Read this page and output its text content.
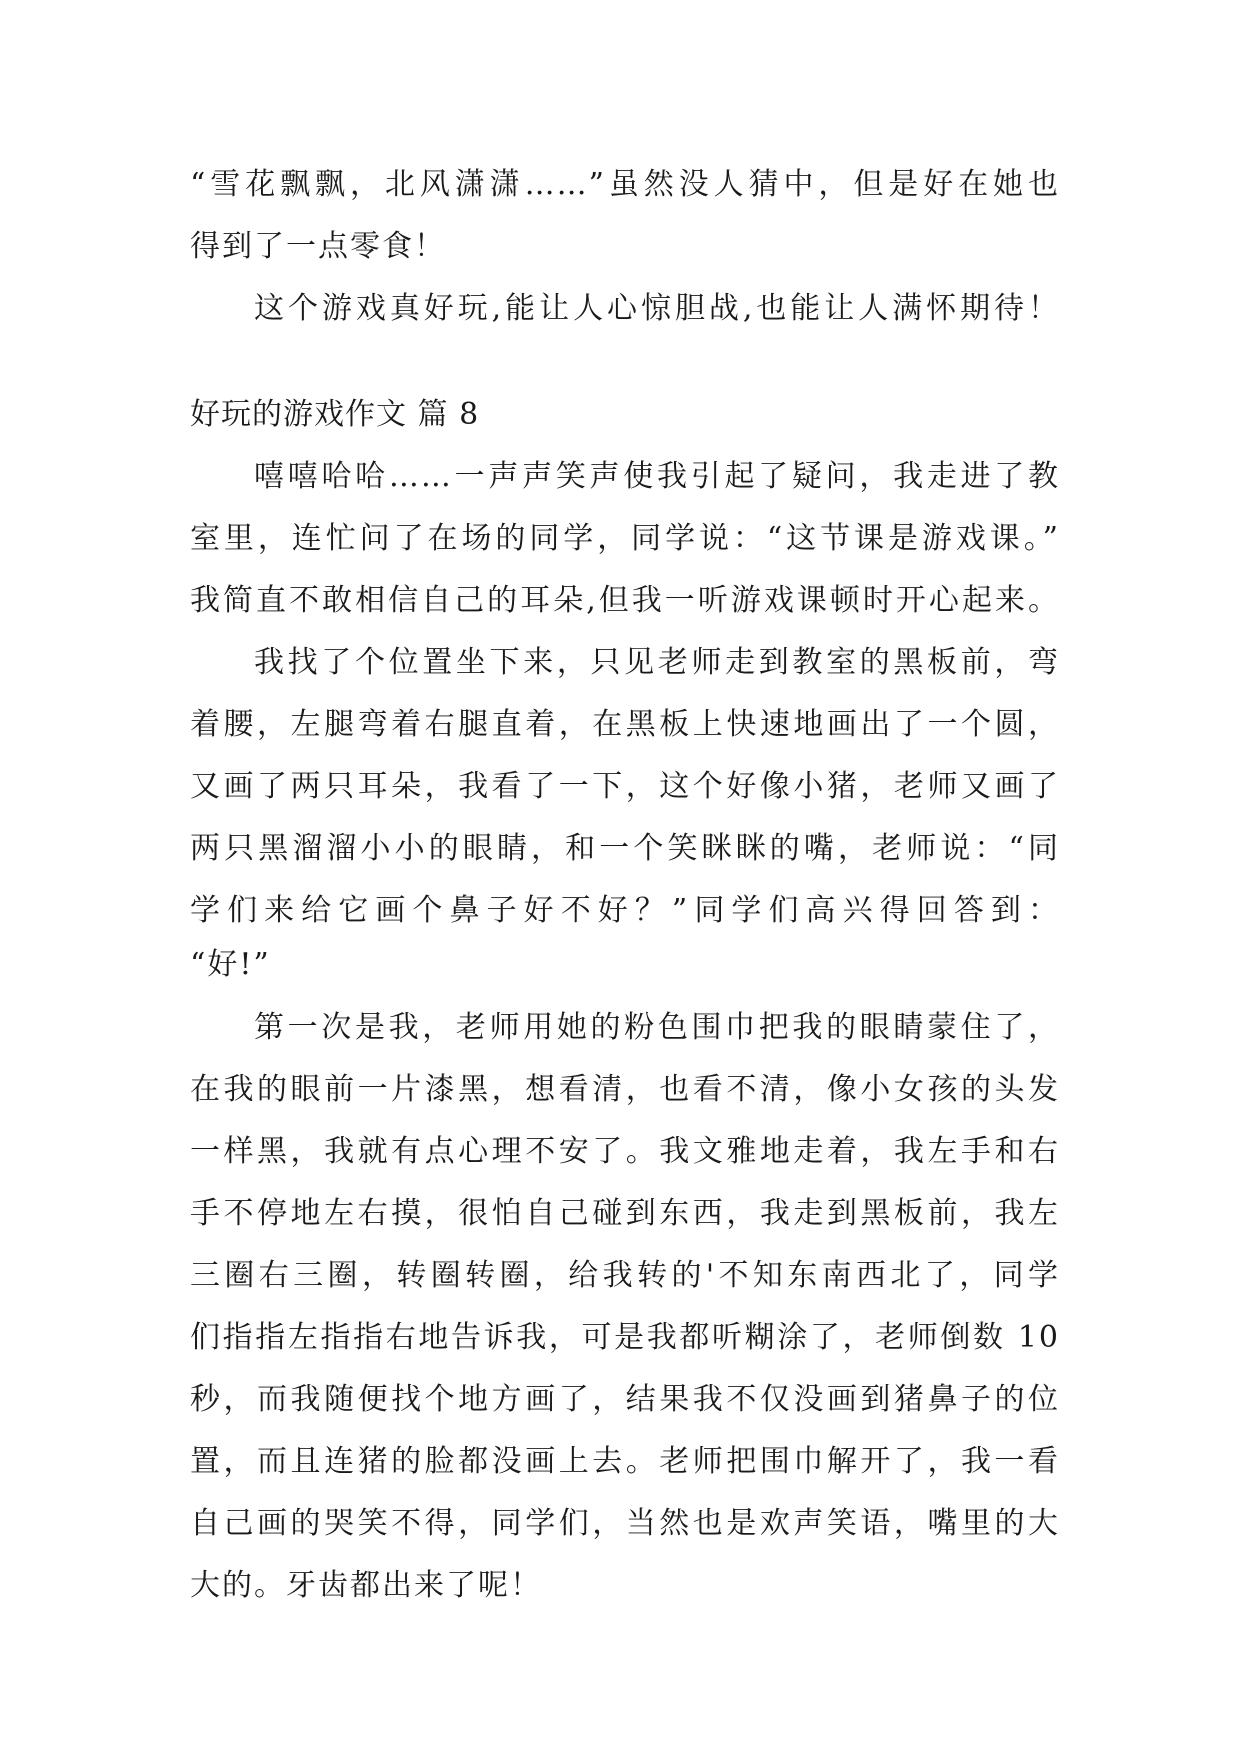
“雪花飘飘，北风潇潇……”虽然没人猜中，但是好在她也
得到了一点零食！
这个游戏真好玩,能让人心惊胆战,也能让人满怀期待！
好玩的游戏作文 篇 8
嘻嘻哈哈……一声声笑声使我引起了疑问，我走进了教
室里，连忙问了在场的同学，同学说：“这节课是游戏课。”
我简直不敢相信自己的耳朵,但我一听游戏课顿时开心起来。
我找了个位置坐下来，只见老师走到教室的黑板前，弯
着腰，左腿弯着右腿直着，在黑板上快速地画出了一个圆，
又画了两只耳朵，我看了一下，这个好像小猪，老师又画了
两只黑溜溜小小的眼睛，和一个笑眯眯的嘴，老师说：“同
学们来给它画个鼻子好不好？”同学们高兴得回答到：
“好!”
第一次是我，老师用她的粉色围巾把我的眼睛蒙住了，
在我的眼前一片漆黑，想看清，也看不清，像小女孩的头发
一样黑，我就有点心理不安了。我文雅地走着，我左手和右
手不停地左右摸，很怕自己碰到东西，我走到黑板前，我左
三圈右三圈，转圈转圈，给我转的'不知东南西北了，同学
们指指左指指右地告诉我，可是我都听糊涂了，老师倒数 10
秒，而我随便找个地方画了，结果我不仅没画到猪鼻子的位
置，而且连猪的脸都没画上去。老师把围巾解开了，我一看
自己画的哭笑不得，同学们，当然也是欢声笑语，嘴里的大
大的。牙齿都出来了呢！
